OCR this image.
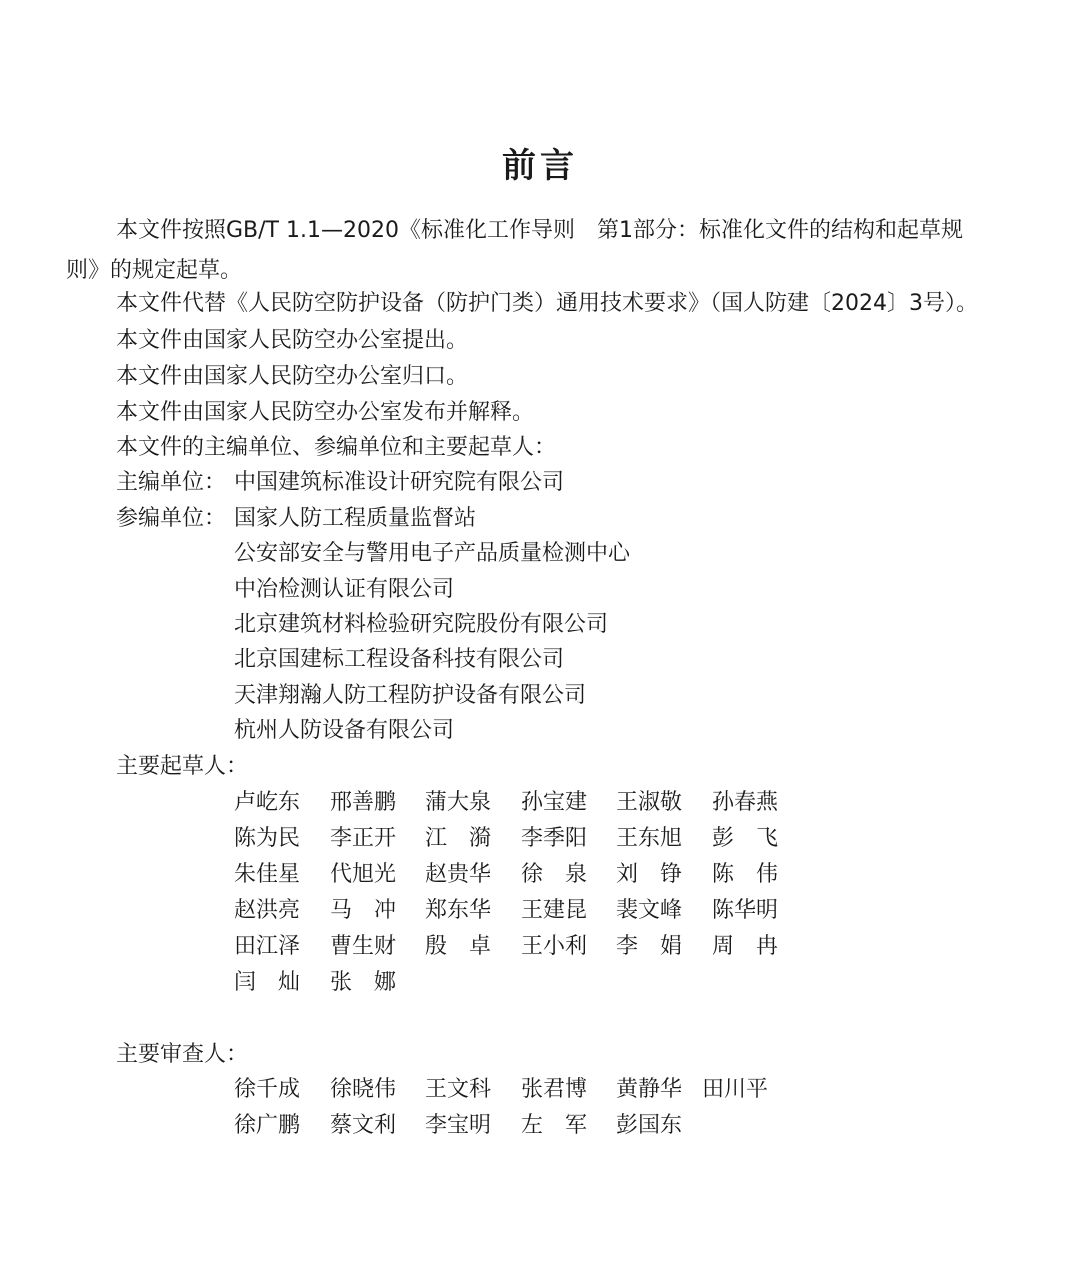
前言
本文件按照GB/T 1.1—2020《标准化工作导则　第1部分：标准化文件的结构和起草规
则》的规定起草。
本文件代替《人民防空防护设备（防护门类）通用技术要求》（国人防建〔2024〕3号）。
本文件由国家人民防空办公室提出。
本文件由国家人民防空办公室归口。
本文件由国家人民防空办公室发布并解释。
本文件的主编单位、参编单位和主要起草人：
主编单位： 中国建筑标准设计研究院有限公司
参编单位： 国家人防工程质量监督站
公安部安全与警用电子产品质量检测中心
中冶检测认证有限公司
北京建筑材料检验研究院股份有限公司
北京国建标工程设备科技有限公司
天津翔瀚人防工程防护设备有限公司
杭州人防设备有限公司
主要起草人：
卢屹东 邢善鹏 蒲大泉 孙宝建 王淑敬 孙春燕
陈为民 李正开 江　漪 李季阳 王东旭 彭　飞
朱佳星 代旭光 赵贵华 徐　泉 刘　铮 陈　伟
赵洪亮 马　冲 郑东华 王建昆 裴文峰 陈华明
田江泽 曹生财 殷　卓 王小利 李　娟 周　冉
闫　灿 张　娜
主要审查人：
徐千成 徐晓伟 王文科 张君博 黄静华 田川平
徐广鹏 蔡文利 李宝明 左　军 彭国东
